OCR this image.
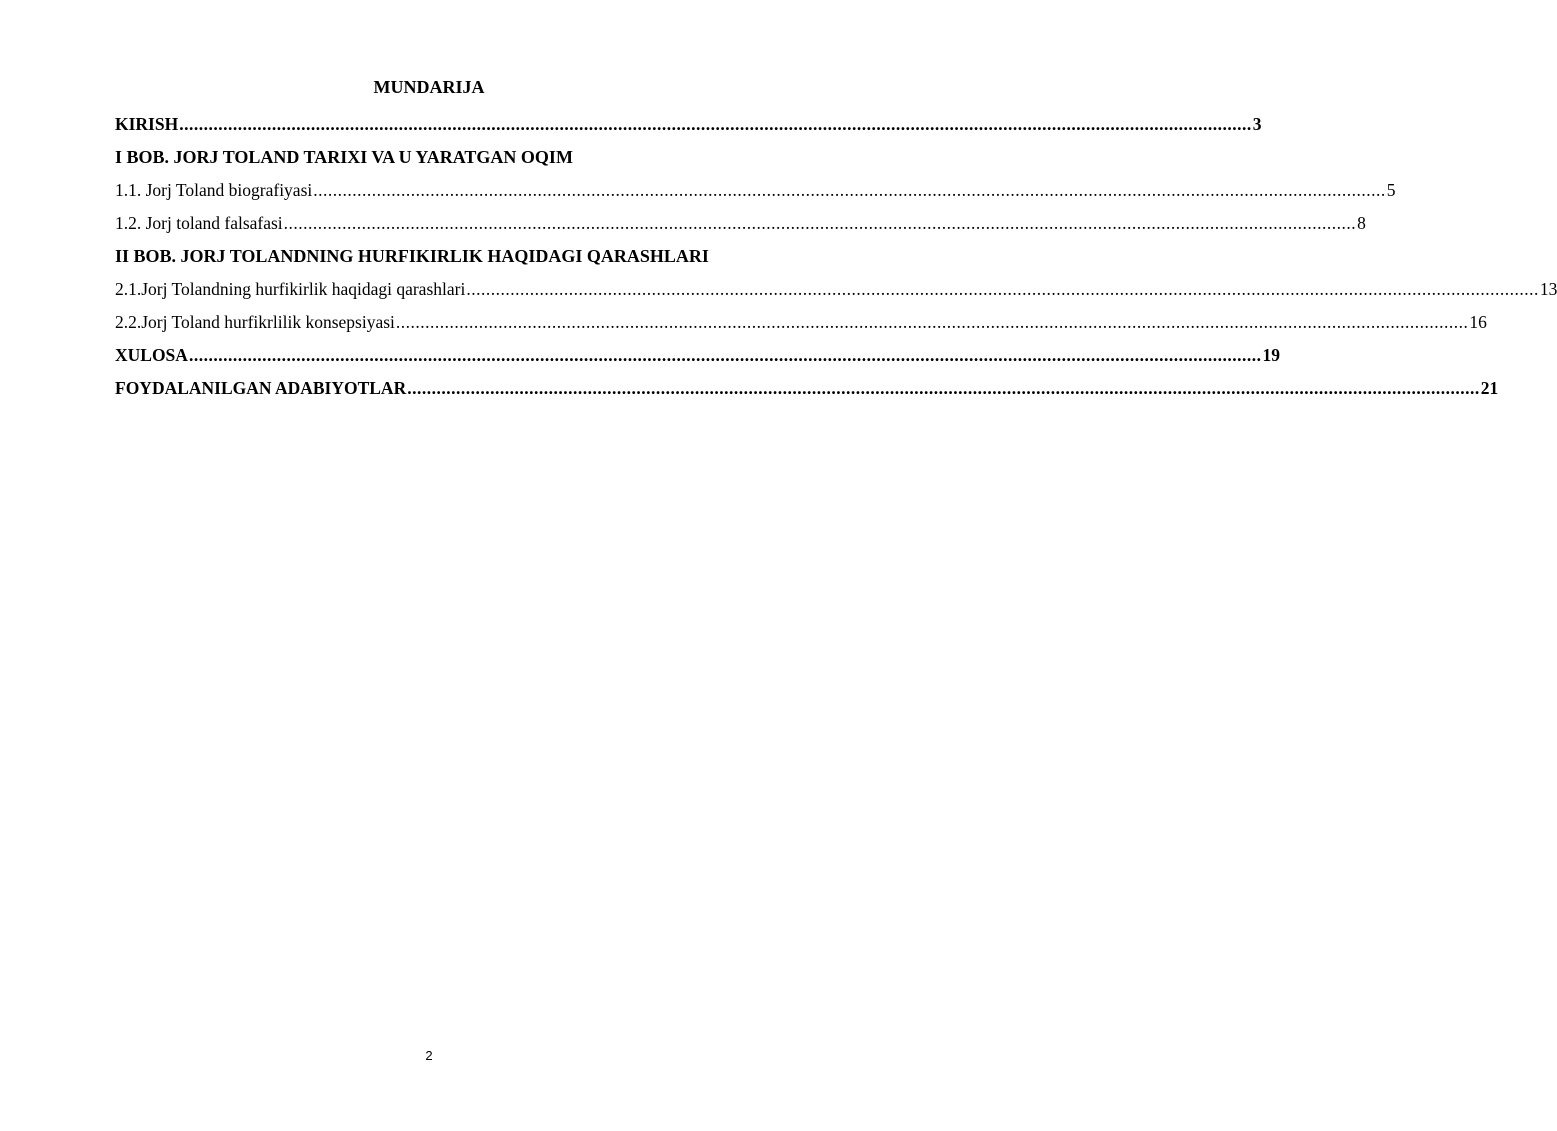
MUNDARIJA
KIRISH ............................................................................................................................................................................................................................ 3
I BOB. JORJ TOLAND TARIXI VA U YARATGAN OQIM
1.1. Jorj Toland biografiyasi ............................................................................................................................................................................................................................ 5
1.2. Jorj toland falsafasi ............................................................................................................................................................................................................................ 8
II BOB. JORJ TOLANDNING HURFIKIRLIK HAQIDAGI QARASHLARI
2.1.Jorj Tolandning hurfikirlik haqidagi qarashlari ............................................................................................................................................................................................................................ 13
2.2.Jorj Toland hurfikrlilik konsepsiyasi ............................................................................................................................................................................................................................ 16
XULOSA ............................................................................................................................................................................................................................ 19
FOYDALANILGAN ADABIYOTLAR ............................................................................................................................................................................................................................ 21
2
